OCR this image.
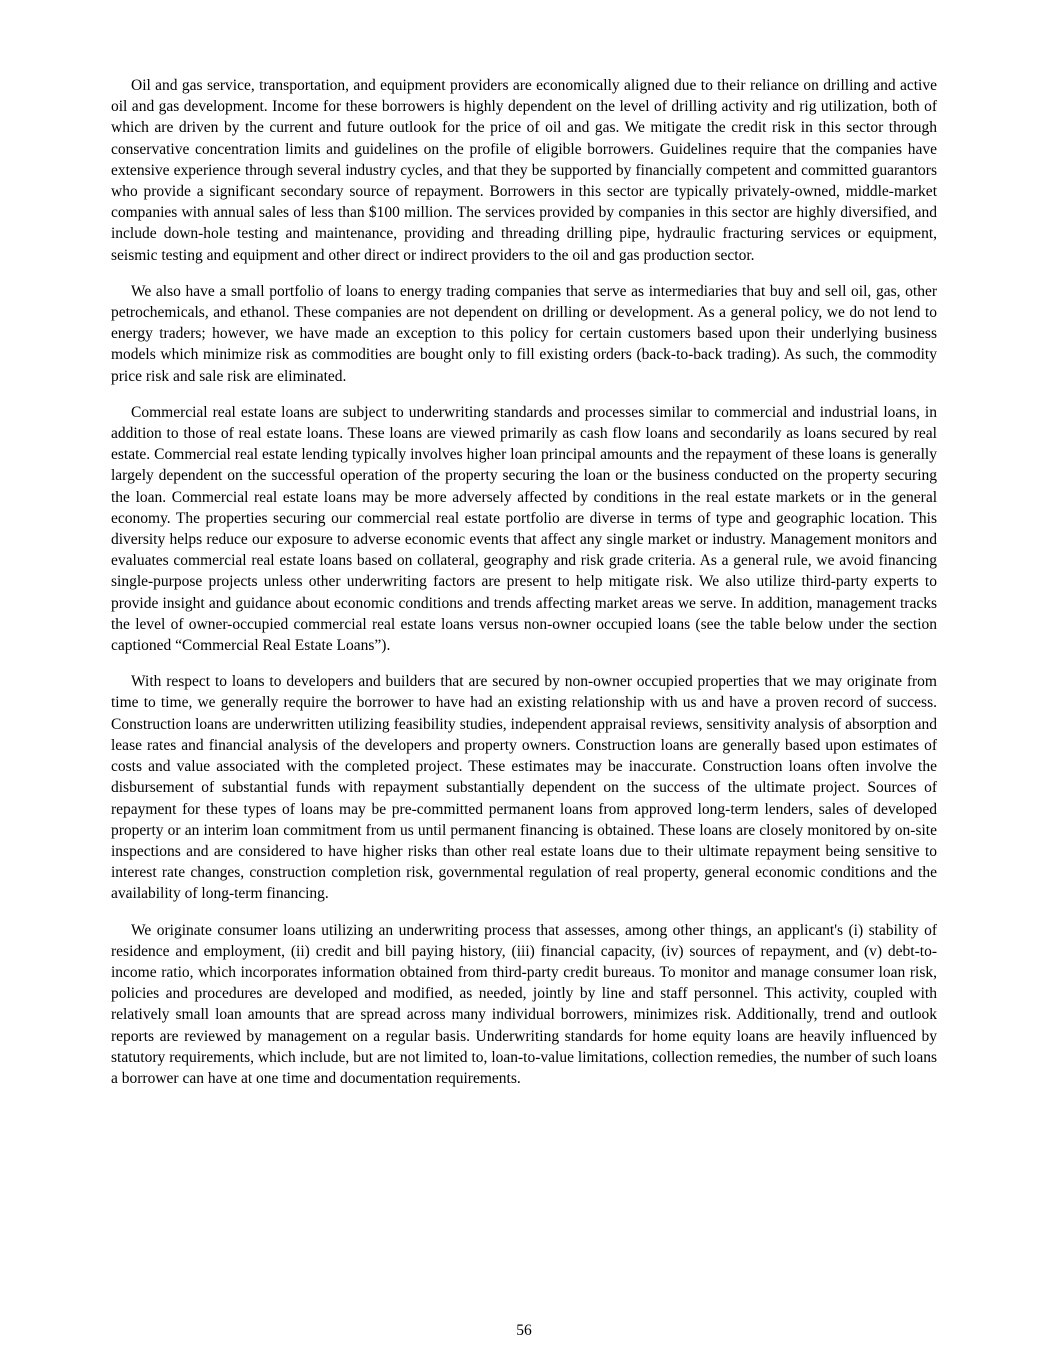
Oil and gas service, transportation, and equipment providers are economically aligned due to their reliance on drilling and active oil and gas development. Income for these borrowers is highly dependent on the level of drilling activity and rig utilization, both of which are driven by the current and future outlook for the price of oil and gas. We mitigate the credit risk in this sector through conservative concentration limits and guidelines on the profile of eligible borrowers. Guidelines require that the companies have extensive experience through several industry cycles, and that they be supported by financially competent and committed guarantors who provide a significant secondary source of repayment. Borrowers in this sector are typically privately-owned, middle-market companies with annual sales of less than $100 million. The services provided by companies in this sector are highly diversified, and include down-hole testing and maintenance, providing and threading drilling pipe, hydraulic fracturing services or equipment, seismic testing and equipment and other direct or indirect providers to the oil and gas production sector.

We also have a small portfolio of loans to energy trading companies that serve as intermediaries that buy and sell oil, gas, other petrochemicals, and ethanol. These companies are not dependent on drilling or development. As a general policy, we do not lend to energy traders; however, we have made an exception to this policy for certain customers based upon their underlying business models which minimize risk as commodities are bought only to fill existing orders (back-to-back trading). As such, the commodity price risk and sale risk are eliminated.

Commercial real estate loans are subject to underwriting standards and processes similar to commercial and industrial loans, in addition to those of real estate loans. These loans are viewed primarily as cash flow loans and secondarily as loans secured by real estate. Commercial real estate lending typically involves higher loan principal amounts and the repayment of these loans is generally largely dependent on the successful operation of the property securing the loan or the business conducted on the property securing the loan. Commercial real estate loans may be more adversely affected by conditions in the real estate markets or in the general economy. The properties securing our commercial real estate portfolio are diverse in terms of type and geographic location. This diversity helps reduce our exposure to adverse economic events that affect any single market or industry. Management monitors and evaluates commercial real estate loans based on collateral, geography and risk grade criteria. As a general rule, we avoid financing single-purpose projects unless other underwriting factors are present to help mitigate risk. We also utilize third-party experts to provide insight and guidance about economic conditions and trends affecting market areas we serve. In addition, management tracks the level of owner-occupied commercial real estate loans versus non-owner occupied loans (see the table below under the section captioned “Commercial Real Estate Loans”).

With respect to loans to developers and builders that are secured by non-owner occupied properties that we may originate from time to time, we generally require the borrower to have had an existing relationship with us and have a proven record of success. Construction loans are underwritten utilizing feasibility studies, independent appraisal reviews, sensitivity analysis of absorption and lease rates and financial analysis of the developers and property owners. Construction loans are generally based upon estimates of costs and value associated with the completed project. These estimates may be inaccurate. Construction loans often involve the disbursement of substantial funds with repayment substantially dependent on the success of the ultimate project. Sources of repayment for these types of loans may be pre-committed permanent loans from approved long-term lenders, sales of developed property or an interim loan commitment from us until permanent financing is obtained. These loans are closely monitored by on-site inspections and are considered to have higher risks than other real estate loans due to their ultimate repayment being sensitive to interest rate changes, construction completion risk, governmental regulation of real property, general economic conditions and the availability of long-term financing.

We originate consumer loans utilizing an underwriting process that assesses, among other things, an applicant's (i) stability of residence and employment, (ii) credit and bill paying history, (iii) financial capacity, (iv) sources of repayment, and (v) debt-to-income ratio, which incorporates information obtained from third-party credit bureaus. To monitor and manage consumer loan risk, policies and procedures are developed and modified, as needed, jointly by line and staff personnel. This activity, coupled with relatively small loan amounts that are spread across many individual borrowers, minimizes risk. Additionally, trend and outlook reports are reviewed by management on a regular basis. Underwriting standards for home equity loans are heavily influenced by statutory requirements, which include, but are not limited to, loan-to-value limitations, collection remedies, the number of such loans a borrower can have at one time and documentation requirements.

56
